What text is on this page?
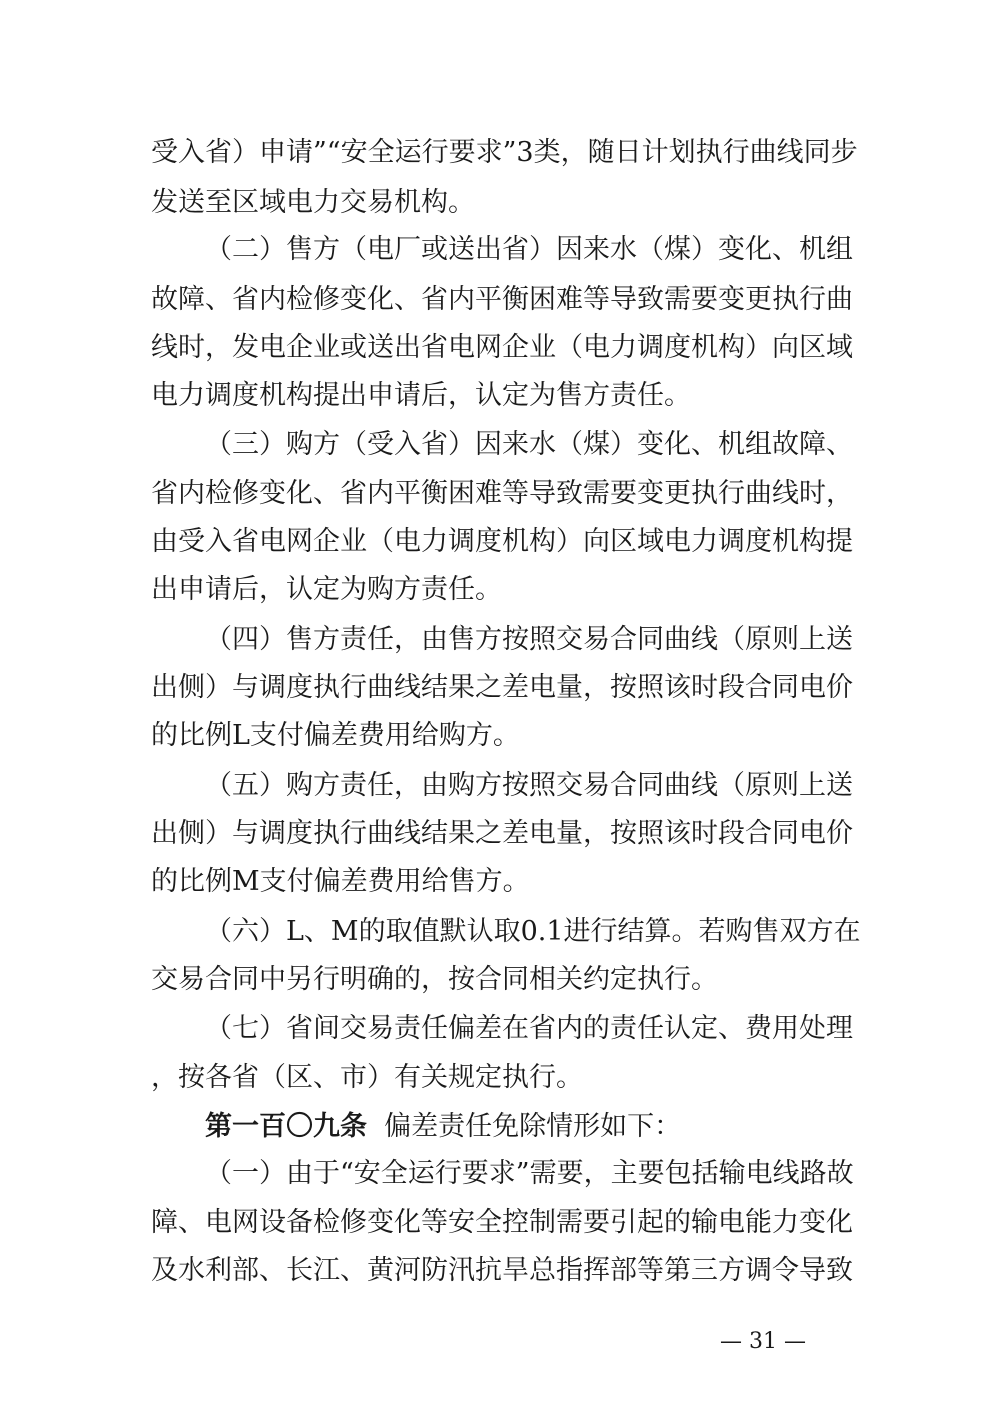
受入省）申请”“安全运行要求”3类，随日计划执行曲线同步
发送至区域电力交易机构。
（二）售方（电厂或送出省）因来水（煤）变化、机组
故障、省内检修变化、省内平衡困难等导致需要变更执行曲
线时，发电企业或送出省电网企业（电力调度机构）向区域
电力调度机构提出申请后，认定为售方责任。
（三）购方（受入省）因来水（煤）变化、机组故障、
省内检修变化、省内平衡困难等导致需要变更执行曲线时，
由受入省电网企业（电力调度机构）向区域电力调度机构提
出申请后，认定为购方责任。
（四）售方责任，由售方按照交易合同曲线（原则上送
出侧）与调度执行曲线结果之差电量，按照该时段合同电价
的比例L支付偏差费用给购方。
（五）购方责任，由购方按照交易合同曲线（原则上送
出侧）与调度执行曲线结果之差电量，按照该时段合同电价
的比例M支付偏差费用给售方。
（六）L、M的取值默认取0.1进行结算。若购售双方在
交易合同中另行明确的，按合同相关约定执行。
（七）省间交易责任偏差在省内的责任认定、费用处理
，按各省（区、市）有关规定执行。
第一百〇九条 偏差责任免除情形如下：
（一）由于“安全运行要求”需要，主要包括输电线路故
障、电网设备检修变化等安全控制需要引起的输电能力变化
及水利部、长江、黄河防汛抗旱总指挥部等第三方调令导致
— 31 —
